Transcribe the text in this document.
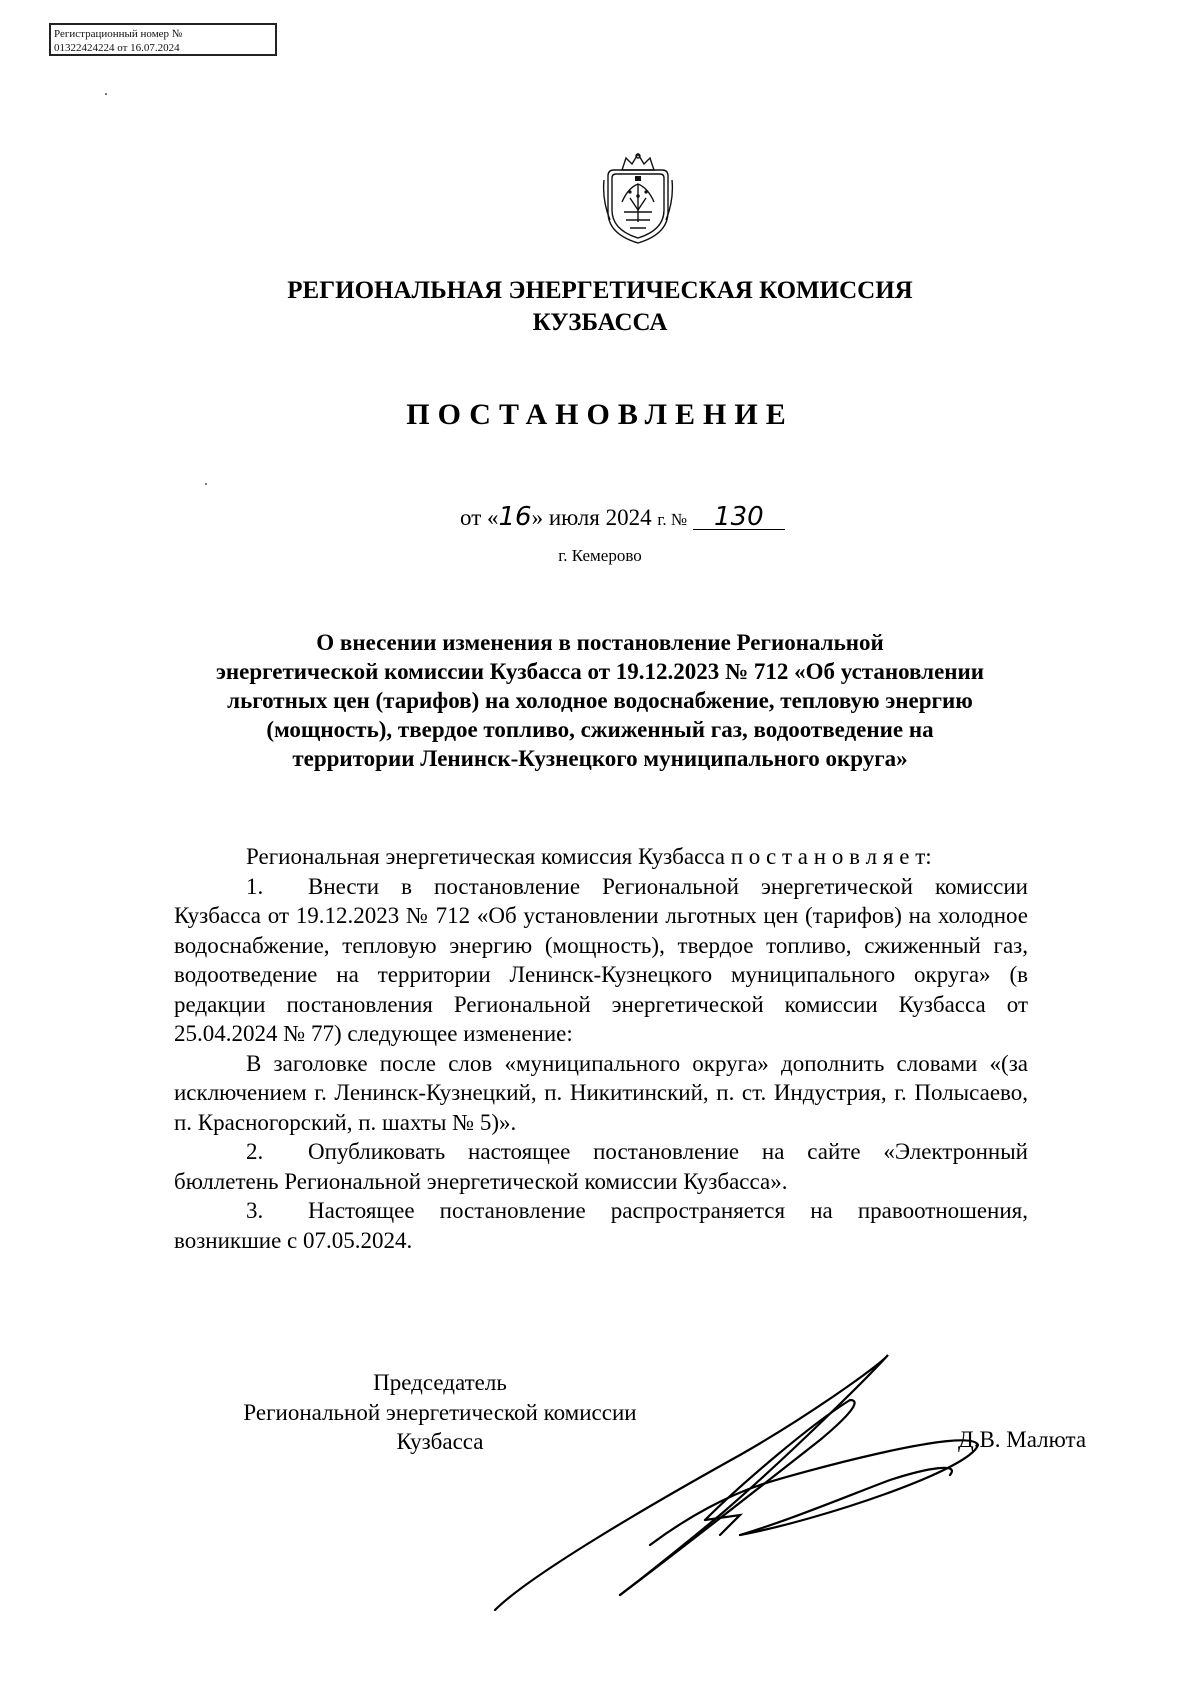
Регистрационный номер №
01322424224 от 16.07.2024
РЕГИОНАЛЬНАЯ ЭНЕРГЕТИЧЕСКАЯ КОМИССИЯ
КУЗБАССА
ПОСТАНОВЛЕНИЕ
от «16» июля 2024 г. № 130
г. Кемерово
О внесении изменения в постановление Региональной
энергетической комиссии Кузбасса от 19.12.2023 № 712 «Об установлении
льготных цен (тарифов) на холодное водоснабжение, тепловую энергию
(мощность), твердое топливо, сжиженный газ, водоотведение на
территории Ленинск-Кузнецкого муниципального округа»

Региональная энергетическая комиссия Кузбасса п о с т а н о в л я е т:

1. Внести в постановление Региональной энергетической комиссии Кузбасса от 19.12.2023 № 712 «Об установлении льготных цен (тарифов) на холодное водоснабжение, тепловую энергию (мощность), твердое топливо, сжиженный газ, водоотведение на территории Ленинск-Кузнецкого муниципального округа» (в редакции постановления Региональной энергетической комиссии Кузбасса от 25.04.2024 № 77) следующее изменение:

В заголовке после слов «муниципального округа» дополнить словами «(за исключением г. Ленинск-Кузнецкий, п. Никитинский, п. ст. Индустрия, г. Полысаево, п. Красногорский, п. шахты № 5)».

2. Опубликовать настоящее постановление на сайте «Электронный бюллетень Региональной энергетической комиссии Кузбасса».

3. Настоящее постановление распространяется на правоотношения, возникшие с 07.05.2024.

Председатель
Региональной энергетической комиссии
Кузбасса	Д.В. Малюта
